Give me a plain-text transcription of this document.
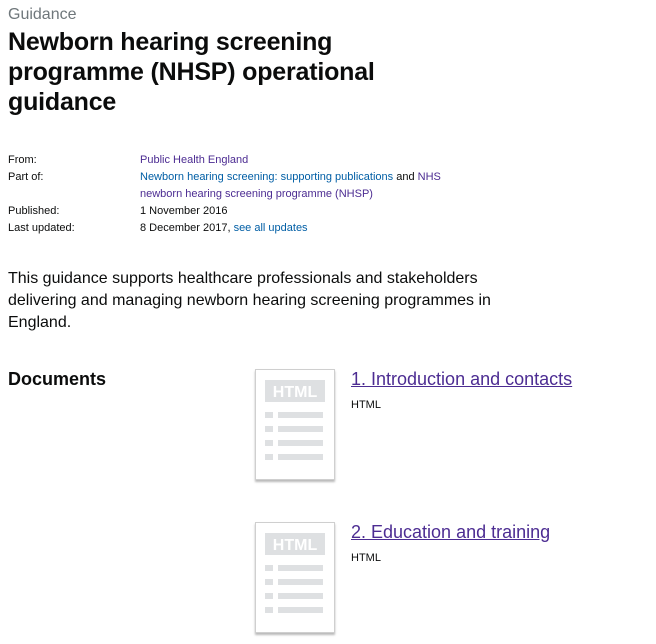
Guidance
Newborn hearing screening programme (NHSP) operational guidance
From:	Public Health England
Part of:	Newborn hearing screening: supporting publications and NHS newborn hearing screening programme (NHSP)
Published:	1 November 2016
Last updated:	8 December 2017, see all updates

This guidance supports healthcare professionals and stakeholders delivering and managing newborn hearing screening programmes in England.

Documents
HTML
1. Introduction and contacts
HTML
HTML
2. Education and training
HTML
